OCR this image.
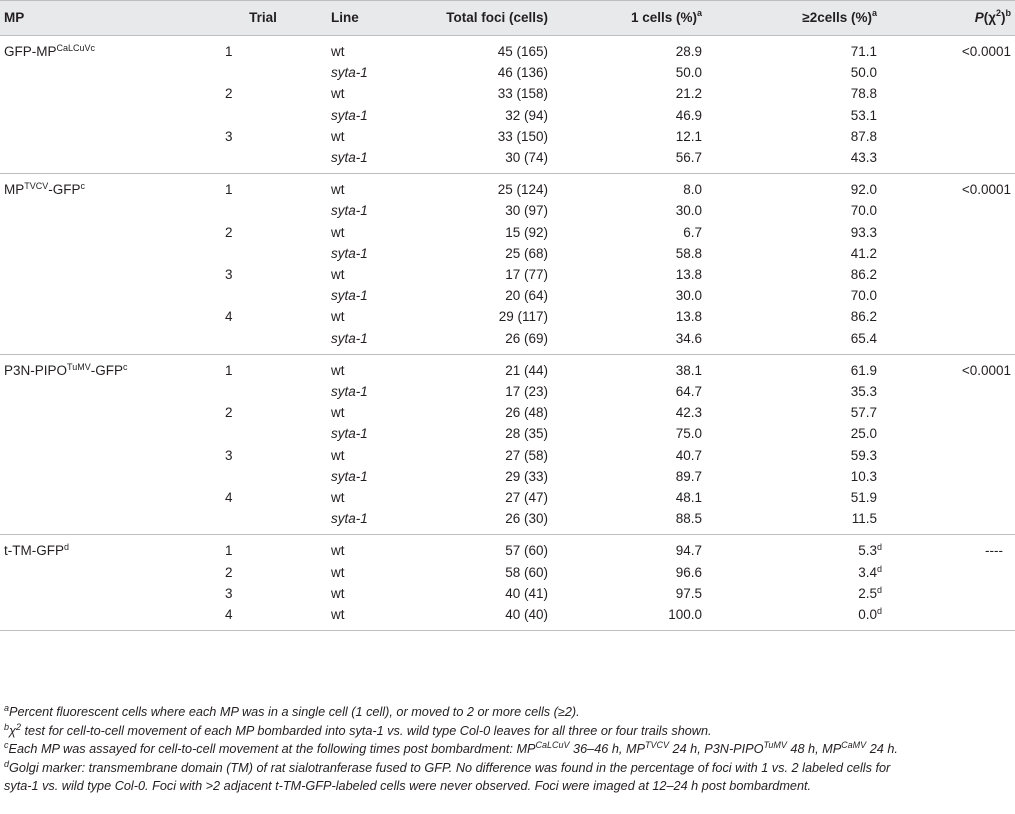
MP	Trial	Line	Total foci (cells)	1 cells (%)$^a$	≥2cells (%)$^a$	$P(\chi^2)^b$
GFP-$MP^{CaLCuVc}$	1	wt	45 (165)	28.9	71.1	<0.0001
		syta-1	46 (136)	50.0	50.0	
	2	wt	33 (158)	21.2	78.8	
		syta-1	32 (94)	46.9	53.1	
	3	wt	33 (150)	12.1	87.8	
		syta-1	30 (74)	56.7	43.3	
$MP^{TVCV}-GFP^c$	1	wt	25 (124)	8.0	92.0	<0.0001
		syta-1	30 (97)	30.0	70.0	
	2	wt	15 (92)	6.7	93.3	
		syta-1	25 (68)	58.8	41.2	
	3	wt	17 (77)	13.8	86.2	
		syta-1	20 (64)	30.0	70.0	
	4	wt	29 (117)	13.8	86.2	
		syta-1	26 (69)	34.6	65.4	
$P3N-PIPO^{TuMV}-GFP^c$	1	wt	21 (44)	38.1	61.9	<0.0001
		syta-1	17 (23)	64.7	35.3	
	2	wt	26 (48)	42.3	57.7	
		syta-1	28 (35)	75.0	25.0	
	3	wt	27 (58)	40.7	59.3	
		syta-1	29 (33)	89.7	10.3	
	4	wt	27 (47)	48.1	51.9	
		syta-1	26 (30)	88.5	11.5	
t-TM-GFP$^d$	1	wt	57 (60)	94.7	5.3$^d$	----
	2	wt	58 (60)	96.6	3.4$^d$	
	3	wt	40 (41)	97.5	2.5$^d$	
	4	wt	40 (40)	100.0	0.0$^d$	

$^a$Percent fluorescent cells where each MP was in a single cell (1 cell), or moved to 2 or more cells (≥2).

$^b\chi^2$ test for cell-to-cell movement of each MP bombarded into syta-1 vs. wild type Col-0 leaves for all three or four trails shown.

$^c$Each MP was assayed for cell-to-cell movement at the following times post bombardment: $MP^{CaLCuV}$ 36–46 h, $MP^{TVCV}$ 24 h, $P3N-PIPO^{TuMV}$ 48 h, $MP^{CaMV}$ 24 h.

$^d$Golgi marker: transmembrane domain (TM) of rat sialotranferase fused to GFP. No difference was found in the percentage of foci with 1 vs. 2 labeled cells for

syta-1 vs. wild type Col-0. Foci with >2 adjacent t-TM-GFP-labeled cells were never observed. Foci were imaged at 12–24 h post bombardment.
